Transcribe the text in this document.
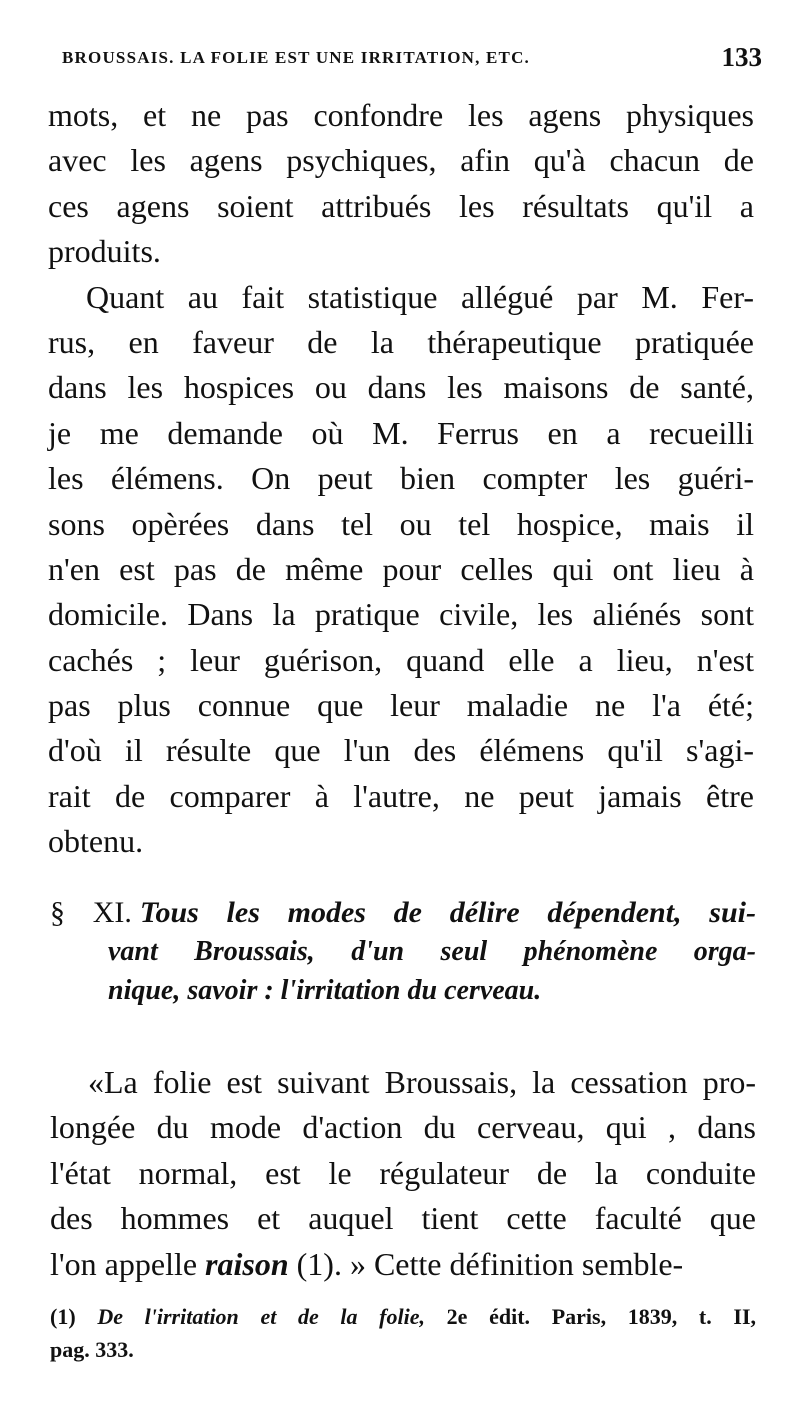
BROUSSAIS. LA FOLIE EST UNE IRRITATION, ETC.	133
mots, et ne pas confondre les agens physiques
avec les agens psychiques, afin qu'à chacun de
ces agens soient attribués les résultats qu'il a
produits.
Quant au fait statistique allégué par M. Fer-
rus, en faveur de la thérapeutique pratiquée
dans les hospices ou dans les maisons de santé,
je me demande où M. Ferrus en a recueilli
les élémens. On peut bien compter les guéri-
sons opèrées dans tel ou tel hospice, mais il
n'en est pas de même pour celles qui ont lieu à
domicile. Dans la pratique civile, les aliénés sont
cachés ; leur guérison, quand elle a lieu, n'est
pas plus connue que leur maladie ne l'a été;
d'où il résulte que l'un des élémens qu'il s'agi-
rait de comparer à l'autre, ne peut jamais être
obtenu.
§ XI. Tous les modes de délire dépendent, sui-
vant Broussais, d'un seul phénomène orga-
nique, savoir : l'irritation du cerveau.
«La folie est suivant Broussais, la cessation pro-
longée du mode d'action du cerveau, qui , dans
l'état normal, est le régulateur de la conduite
des hommes et auquel tient cette faculté que
l'on appelle raison (1). » Cette définition semble-
(1) De l'irritation et de la folie, 2e édit. Paris, 1839, t. II,
pag. 333.
